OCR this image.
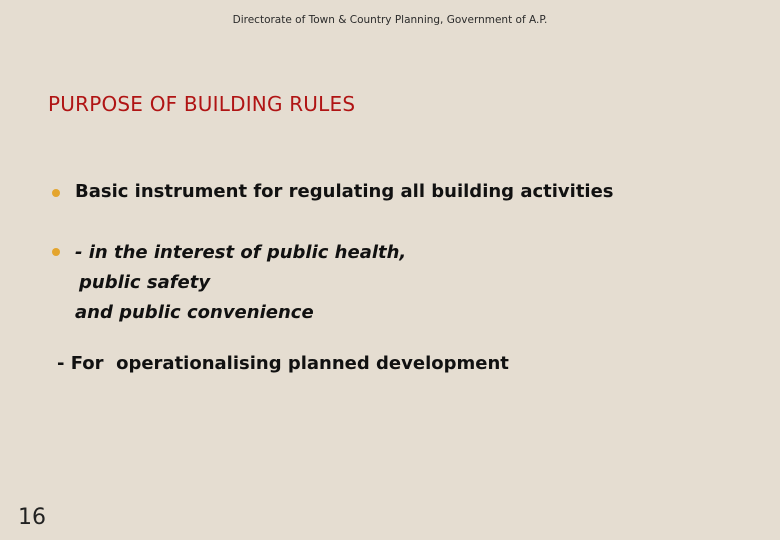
Directorate of Town & Country Planning, Government of A.P.
PURPOSE OF BUILDING RULES
Basic instrument for regulating all building activities
- in the interest of public health,
public safety
and public convenience
- For  operationalising planned development
16
